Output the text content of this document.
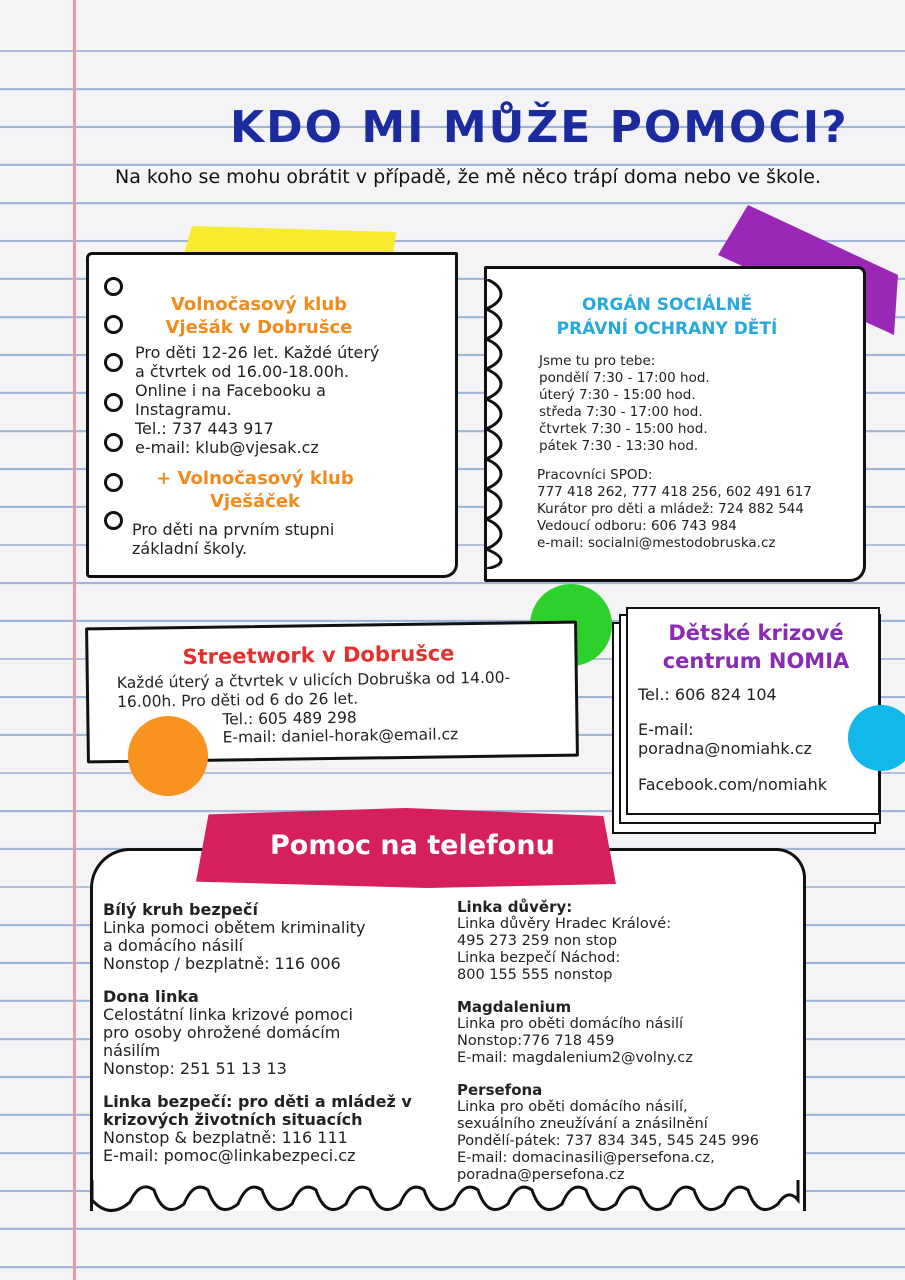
KDO MI MŮŽE POMOCI?

Na koho se mohu obrátit v případě, že mě něco trápí doma nebo ve škole.

Volnočasový klub
Vješák v Dobrušce

Pro děti 12-26 let. Každé úterý
a čtvrtek od 16.00-18.00h.
Online i na Facebooku a
Instagramu.
Tel.: 737 443 917
e-mail: klub@vjesak.cz

+ Volnočasový klub
Vješáček

Pro děti na prvním stupni
základní školy.

ORGÁN SOCIÁLNĚ
PRÁVNÍ OCHRANY DĚTÍ

Jsme tu pro tebe:
pondělí 7:30 - 17:00 hod.
úterý 7:30 - 15:00 hod.
středa 7:30 - 17:00 hod.
čtvrtek 7:30 - 15:00 hod.
pátek 7:30 - 13:30 hod.

Pracovníci SPOD:
777 418 262, 777 418 256, 602 491 617
Kurátor pro děti a mládež: 724 882 544
Vedoucí odboru: 606 743 984
e-mail: socialni@mestodobruska.cz

Streetwork v Dobrušce

Každé úterý a čtvrtek v ulicích Dobruška od 14.00-
16.00h. Pro děti od 6 do 26 let.

Tel.: 605 489 298

E-mail: daniel-horak@email.cz

Dětské krizové
centrum NOMIA

Tel.: 606 824 104

E-mail:
poradna@nomiahk.cz

Facebook.com/nomiahk

Pomoc na telefonu

Bílý kruh bezpečí

Linka pomoci obětem kriminality
a domácího násilí
Nonstop / bezplatně: 116 006

Dona linka

Celostátní linka krizové pomoci
pro osoby ohrožené domácím
násilím
Nonstop: 251 51 13 13

Linka bezpečí: pro děti a mládež v
krizových životních situacích

Nonstop & bezplatně: 116 111
E-mail: pomoc@linkabezpeci.cz

Linka důvěry:

Linka důvěry Hradec Králové:
495 273 259 non stop
Linka bezpečí Náchod:
800 155 555 nonstop

Magdalenium

Linka pro oběti domácího násilí
Nonstop:776 718 459
E-mail: magdalenium2@volny.cz

Persefona

Linka pro oběti domácího násilí,
sexuálního zneužívání a znásilnění
Pondělí-pátek: 737 834 345, 545 245 996
E-mail: domacinasili@persefona.cz,
poradna@persefona.cz
